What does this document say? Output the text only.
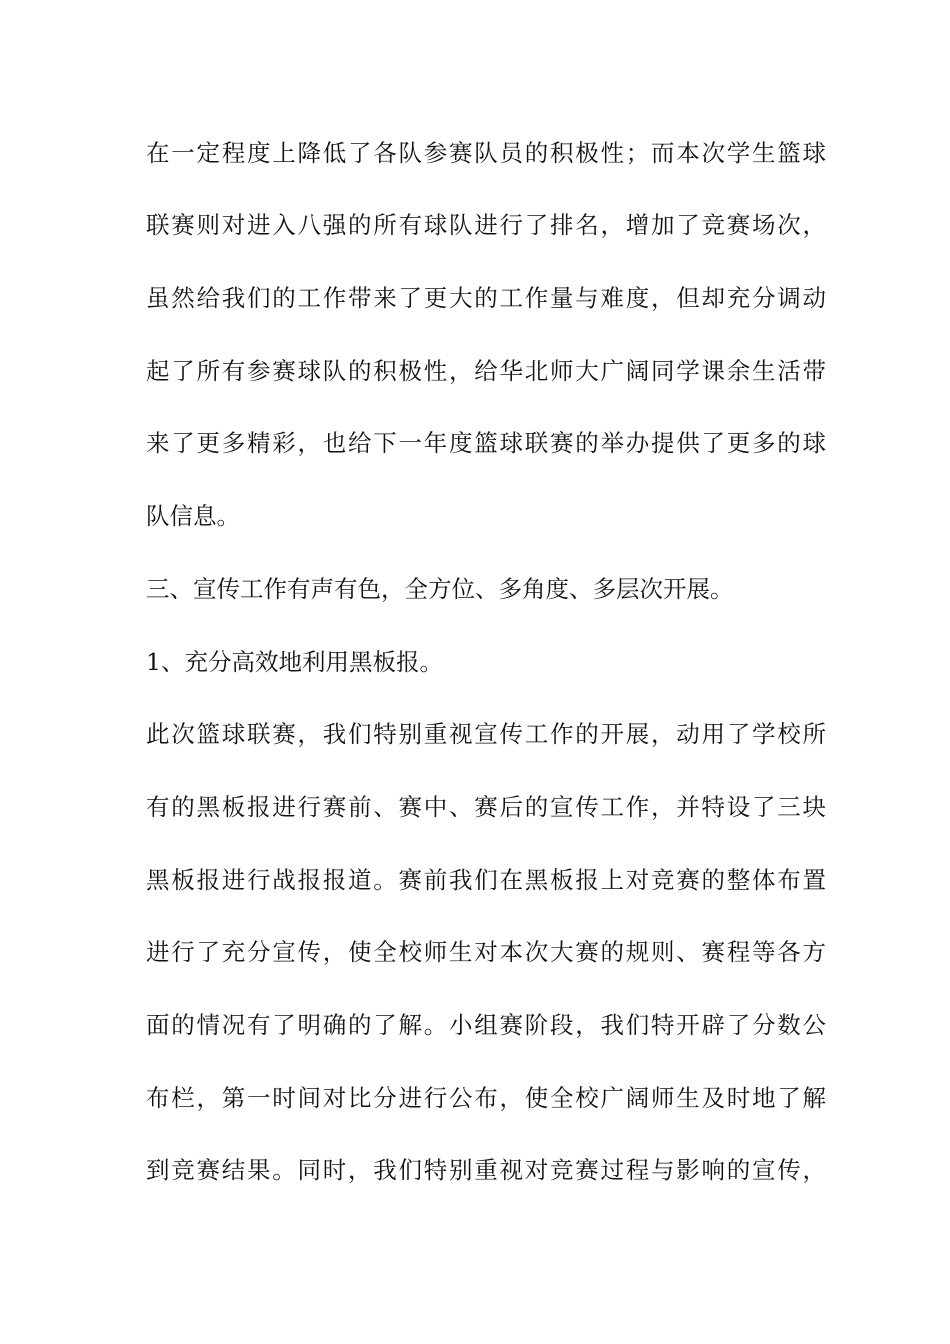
在一定程度上降低了各队参赛队员的积极性；而本次学生篮球
联赛则对进入八强的所有球队进行了排名，增加了竞赛场次，
虽然给我们的工作带来了更大的工作量与难度，但却充分调动
起了所有参赛球队的积极性，给华北师大广阔同学课余生活带
来了更多精彩，也给下一年度篮球联赛的举办提供了更多的球
队信息。
三、宣传工作有声有色，全方位、多角度、多层次开展。
1、充分高效地利用黑板报。
此次篮球联赛，我们特别重视宣传工作的开展，动用了学校所
有的黑板报进行赛前、赛中、赛后的宣传工作，并特设了三块
黑板报进行战报报道。赛前我们在黑板报上对竞赛的整体布置
进行了充分宣传，使全校师生对本次大赛的规则、赛程等各方
面的情况有了明确的了解。小组赛阶段，我们特开辟了分数公
布栏，第一时间对比分进行公布，使全校广阔师生及时地了解
到竞赛结果。同时，我们特别重视对竞赛过程与影响的宣传，
